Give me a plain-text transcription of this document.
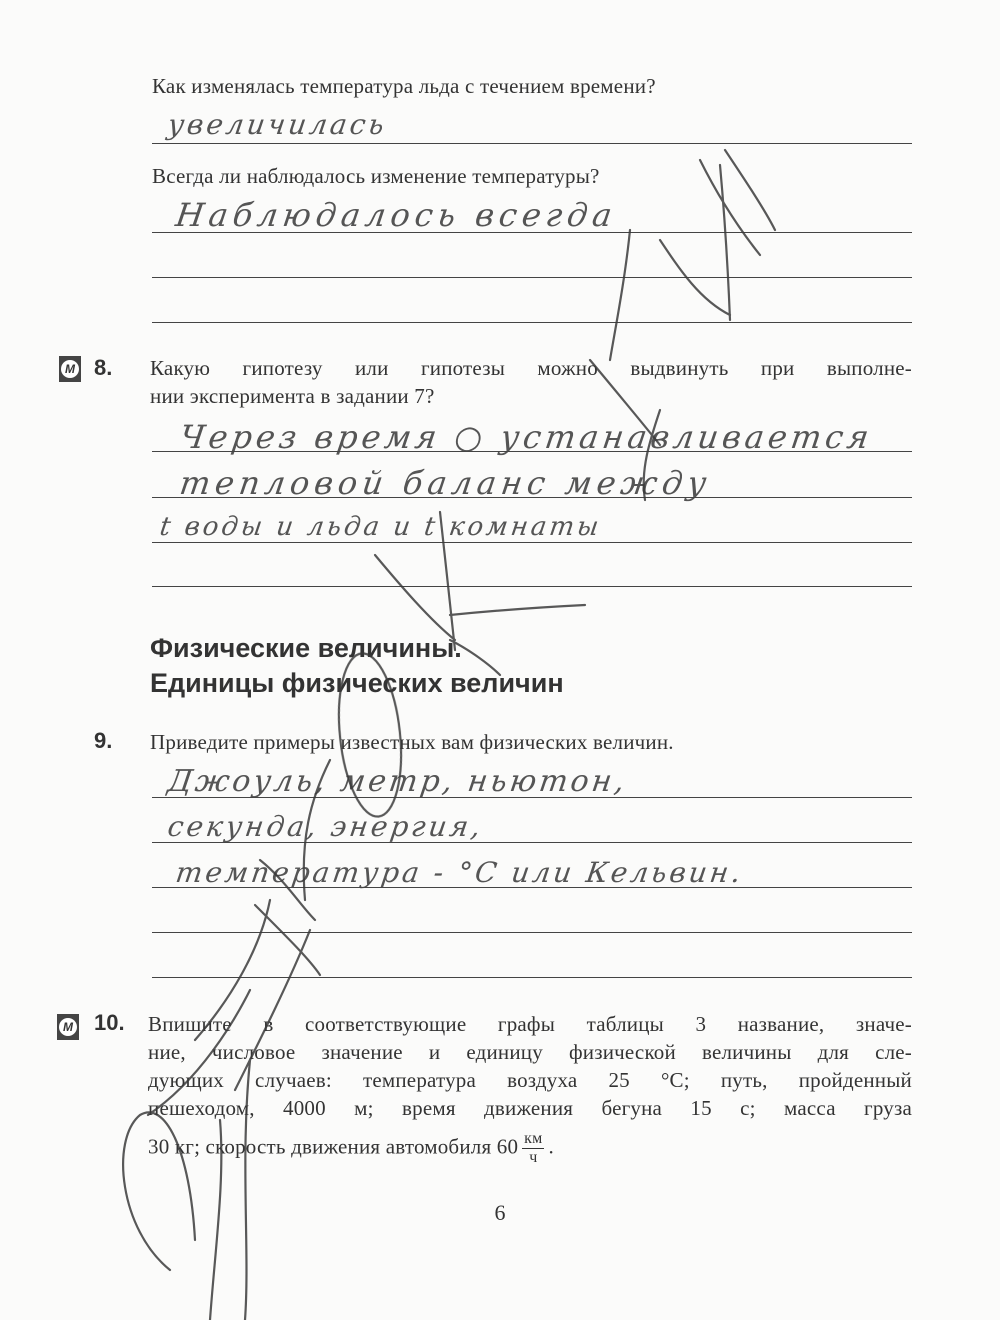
Как изменялась температура льда с течением времени?
увеличилась
Всегда ли наблюдалось изменение температуры?
Наблюдалось всегда
М 8. Какую гипотезу или гипотезы можно выдвинуть при выполне-
нии эксперимента в задании 7?
Через время ○ устанавливается
тепловой баланс между
t воды и льда и t комнаты
Физические величины.
Единицы физических величин
9. Приведите примеры известных вам физических величин.
Джоуль, метр, ньютон,
секунда, энергия,
температура - °С или Кельвин.
М 10. Впишите в соответствующие графы таблицы 3 название, значе-
ние, числовое значение и единицу физической величины для сле-
дующих случаев: температура воздуха 25 °С; путь, пройденный
пешеходом, 4000 м; время движения бегуна 15 с; масса груза
30 кг; скорость движения автомобиля $60 \frac{км}{ч}$ .
6
